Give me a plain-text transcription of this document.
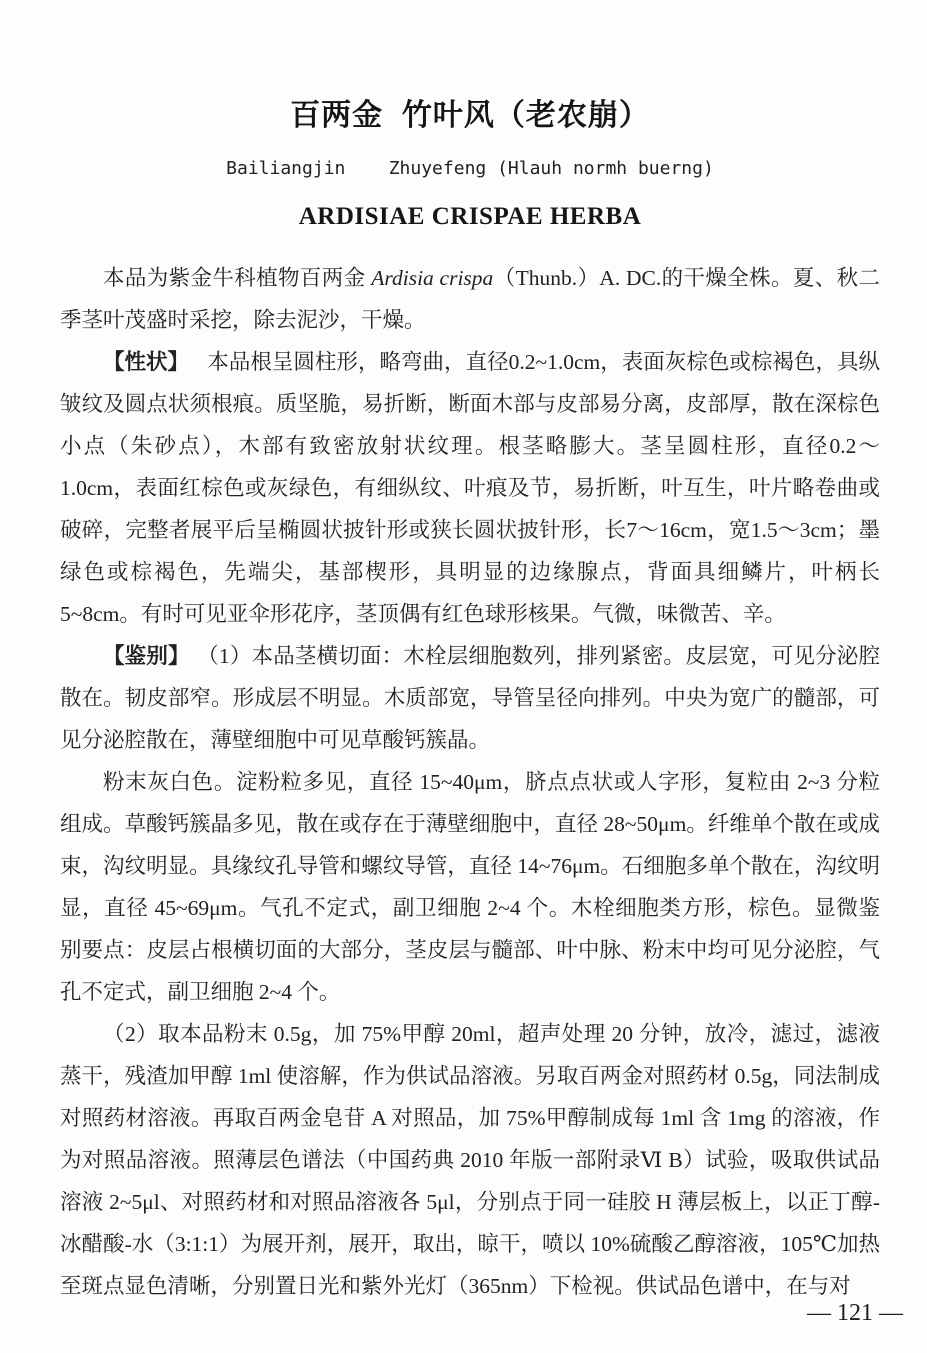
百两金  竹叶风（老农崩）
Bailiangjin    Zhuyefeng (Hlauh normh buerng)
ARDISIAE CRISPAE HERBA

本品为紫金牛科植物百两金 Ardisia crispa（Thunb.）A. DC.的干燥全株。夏、秋二季茎叶茂盛时采挖，除去泥沙，干燥。

【性状】 本品根呈圆柱形，略弯曲，直径0.2~1.0cm，表面灰棕色或棕褐色，具纵皱纹及圆点状须根痕。质坚脆，易折断，断面木部与皮部易分离，皮部厚，散在深棕色小点（朱砂点），木部有致密放射状纹理。根茎略膨大。茎呈圆柱形，直径0.2～1.0cm，表面红棕色或灰绿色，有细纵纹、叶痕及节，易折断，叶互生，叶片略卷曲或破碎，完整者展平后呈椭圆状披针形或狭长圆状披针形，长7～16cm，宽1.5～3cm；墨绿色或棕褐色，先端尖，基部楔形，具明显的边缘腺点，背面具细鳞片，叶柄长5~8cm。有时可见亚伞形花序，茎顶偶有红色球形核果。气微，味微苦、辛。

【鉴别】 （1）本品茎横切面：木栓层细胞数列，排列紧密。皮层宽，可见分泌腔散在。韧皮部窄。形成层不明显。木质部宽，导管呈径向排列。中央为宽广的髓部，可见分泌腔散在，薄壁细胞中可见草酸钙簇晶。

粉末灰白色。淀粉粒多见，直径 15~40μm，脐点点状或人字形，复粒由 2~3 分粒组成。草酸钙簇晶多见，散在或存在于薄壁细胞中，直径 28~50μm。纤维单个散在或成束，沟纹明显。具缘纹孔导管和螺纹导管，直径 14~76μm。石细胞多单个散在，沟纹明显，直径 45~69μm。气孔不定式，副卫细胞 2~4 个。木栓细胞类方形，棕色。显微鉴别要点：皮层占根横切面的大部分，茎皮层与髓部、叶中脉、粉末中均可见分泌腔，气孔不定式，副卫细胞 2~4 个。

（2）取本品粉末 0.5g，加 75%甲醇 20ml，超声处理 20 分钟，放冷，滤过，滤液蒸干，残渣加甲醇 1ml 使溶解，作为供试品溶液。另取百两金对照药材 0.5g，同法制成对照药材溶液。再取百两金皂苷 A 对照品，加 75%甲醇制成每 1ml 含 1mg 的溶液，作为对照品溶液。照薄层色谱法（中国药典 2010 年版一部附录Ⅵ B）试验，吸取供试品溶液 2~5μl、对照药材和对照品溶液各 5μl，分别点于同一硅胶 H 薄层板上，以正丁醇-冰醋酸-水（3:1:1）为展开剂，展开，取出，晾干，喷以 10%硫酸乙醇溶液，105℃加热至斑点显色清晰，分别置日光和紫外光灯（365nm）下检视。供试品色谱中，在与对

— 121 —
